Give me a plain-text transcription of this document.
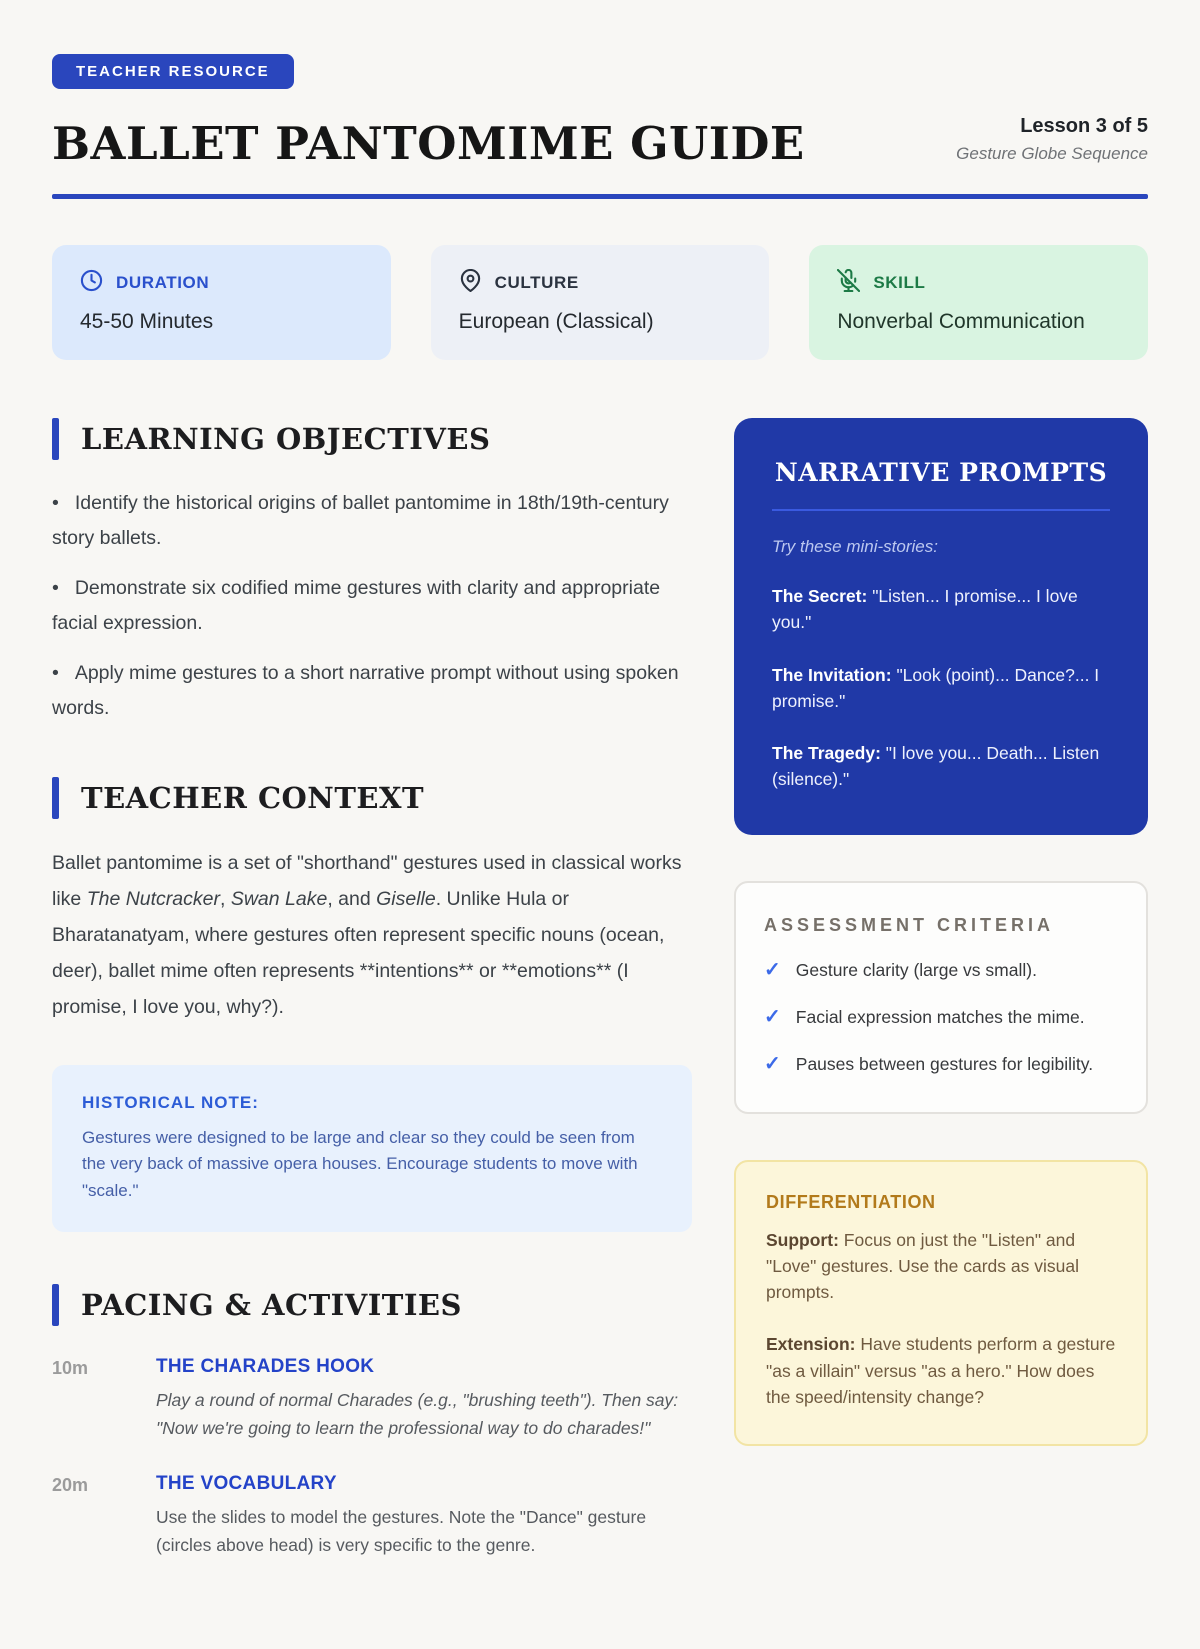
TEACHER RESOURCE
BALLET PANTOMIME GUIDE	Lesson 3 of 5
Gesture Globe Sequence
DURATION
45-50 Minutes
CULTURE
European (Classical)
SKILL
Nonverbal Communication
LEARNING OBJECTIVES

• Identify the historical origins of ballet pantomime in 18th/19th-century story ballets.

• Demonstrate six codified mime gestures with clarity and appropriate facial expression.

• Apply mime gestures to a short narrative prompt without using spoken words.

TEACHER CONTEXT

Ballet pantomime is a set of "shorthand" gestures used in classical works like The Nutcracker, Swan Lake, and Giselle. Unlike Hula or Bharatanatyam, where gestures often represent specific nouns (ocean, deer), ballet mime often represents **intentions** or **emotions** (I promise, I love you, why?).

HISTORICAL NOTE:
Gestures were designed to be large and clear so they could be seen from the very back of massive opera houses. Encourage students to move with "scale."
PACING & ACTIVITIES
10m	THE CHARADES HOOK
Play a round of normal Charades (e.g., "brushing teeth"). Then say: "Now we're going to learn the professional way to do charades!"
20m	THE VOCABULARY
Use the slides to model the gestures. Note the "Dance" gesture (circles above head) is very specific to the genre.
NARRATIVE PROMPTS
Try these mini-stories:

The Secret: "Listen... I promise... I love you."

The Invitation: "Look (point)... Dance?... I promise."

The Tragedy: "I love you... Death... Listen (silence)."

ASSESSMENT CRITERIA
✓ Gesture clarity (large vs small).
✓ Facial expression matches the mime.
✓ Pauses between gestures for legibility.
DIFFERENTIATION

Support: Focus on just the "Listen" and "Love" gestures. Use the cards as visual prompts.

Extension: Have students perform a gesture "as a villain" versus "as a hero." How does the speed/intensity change?
